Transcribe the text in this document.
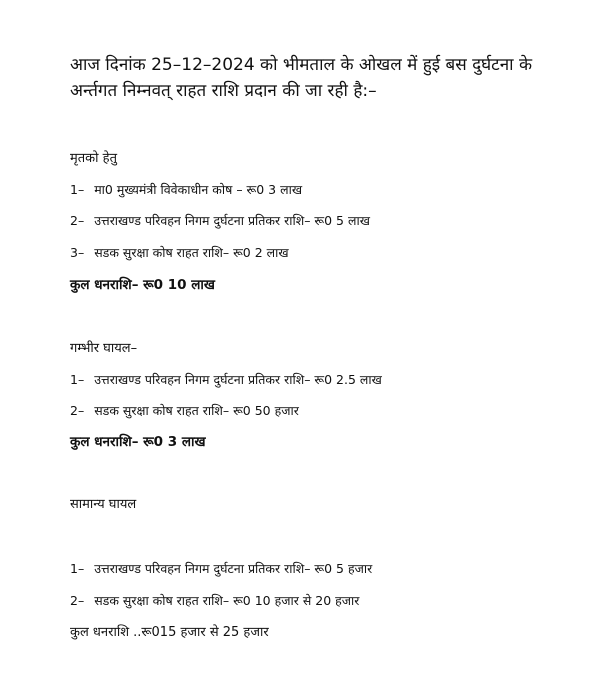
आज दिनांक 25–12–2024 को भीमताल के ओखल में हुई बस दुर्घटना के
अर्न्तगत निम्नवत् राहत राशि प्रदान की जा रही है:–
मृतको हेतु
1– मा0 मुख्यमंत्री विवेकाधीन कोष – रू0 3 लाख
2– उत्तराखण्ड परिवहन निगम दुर्घटना प्रतिकर राशि– रू0 5 लाख
3– सडक सुरक्षा कोष राहत राशि– रू0 2 लाख
कुल धनराशि– रू0 10 लाख
गम्भीर घायल–
1– उत्तराखण्ड परिवहन निगम दुर्घटना प्रतिकर राशि– रू0 2.5 लाख
2– सडक सुरक्षा कोष राहत राशि– रू0 50 हजार
कुल धनराशि– रू0 3 लाख
सामान्य घायल
1– उत्तराखण्ड परिवहन निगम दुर्घटना प्रतिकर राशि– रू0 5 हजार
2– सडक सुरक्षा कोष राहत राशि– रू0 10 हजार से 20 हजार
कुल धनराशि ..रू015 हजार से 25 हजार
